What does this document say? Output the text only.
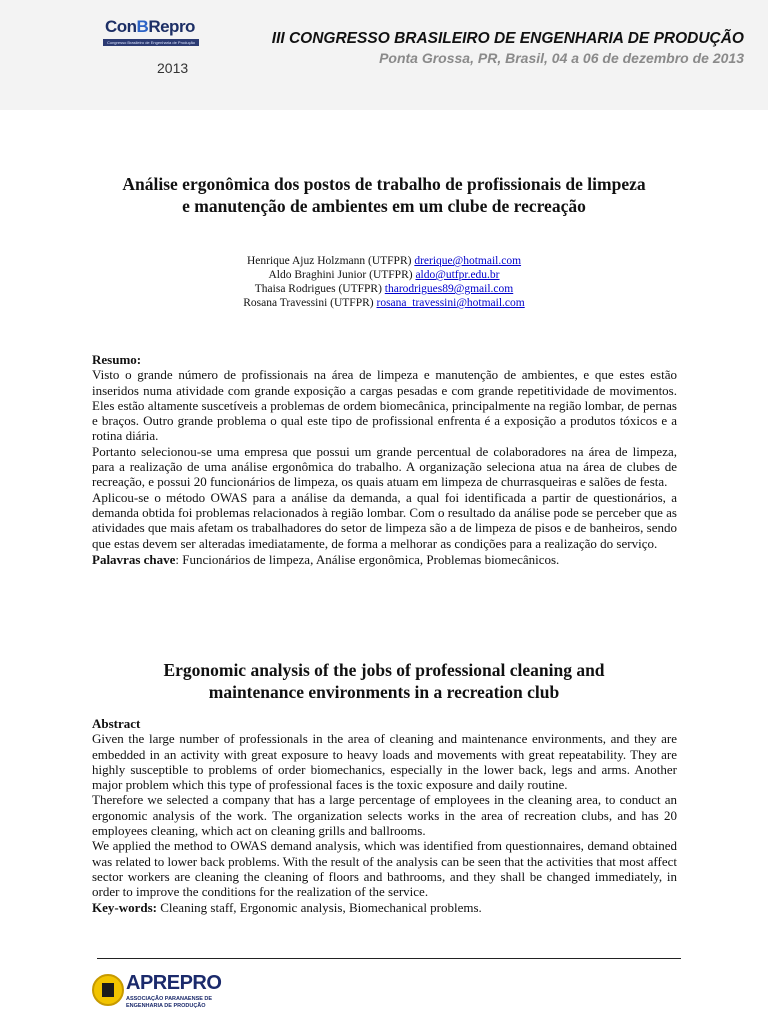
ConBRepro
Congresso Brasileiro de Engenharia de Produção
2013
III CONGRESSO BRASILEIRO DE ENGENHARIA DE PRODUÇÃO
Ponta Grossa, PR, Brasil, 04 a 06 de dezembro de 2013
Análise ergonômica dos postos de trabalho de profissionais de limpeza
e manutenção de ambientes em um clube de recreação
Henrique Ajuz Holzmann (UTFPR) drerique@hotmail.com
Aldo Braghini Junior (UTFPR) aldo@utfpr.edu.br
Thaisa Rodrigues (UTFPR) tharodrigues89@gmail.com
Rosana Travessini (UTFPR) rosana_travessini@hotmail.com

Resumo:

Visto o grande número de profissionais na área de limpeza e manutenção de ambientes, e que estes estão inseridos numa atividade com grande exposição a cargas pesadas e com grande repetitividade de movimentos. Eles estão altamente suscetíveis a problemas de ordem biomecânica, principalmente na região lombar, de pernas e braços. Outro grande problema o qual este tipo de profissional enfrenta é a exposição a produtos tóxicos e a rotina diária.

Portanto selecionou-se uma empresa que possui um grande percentual de colaboradores na área de limpeza, para a realização de uma análise ergonômica do trabalho. A organização seleciona atua na área de clubes de recreação, e possui 20 funcionários de limpeza, os quais atuam em limpeza de churrasqueiras e salões de festa.

Aplicou-se o método OWAS para a análise da demanda, a qual foi identificada a partir de questionários, a demanda obtida foi problemas relacionados à região lombar. Com o resultado da análise pode se perceber que as atividades que mais afetam os trabalhadores do setor de limpeza são a de limpeza de pisos e de banheiros, sendo que estas devem ser alteradas imediatamente, de forma a melhorar as condições para a realização do serviço.

Palavras chave: Funcionários de limpeza, Análise ergonômica, Problemas biomecânicos.

Ergonomic analysis of the jobs of professional cleaning and
maintenance environments in a recreation club

Abstract

Given the large number of professionals in the area of cleaning and maintenance environments, and they are embedded in an activity with great exposure to heavy loads and movements with great repeatability. They are highly susceptible to problems of order biomechanics, especially in the lower back, legs and arms. Another major problem which this type of professional faces is the toxic exposure and daily routine.

Therefore we selected a company that has a large percentage of employees in the cleaning area, to conduct an ergonomic analysis of the work. The organization selects works in the area of recreation clubs, and has 20 employees cleaning, which act on cleaning grills and ballrooms.

We applied the method to OWAS demand analysis, which was identified from questionnaires, demand obtained was related to lower back problems. With the result of the analysis can be seen that the activities that most affect sector workers are cleaning the cleaning of floors and bathrooms, and they shall be changed immediately, in order to improve the conditions for the realization of the service.

Key-words: Cleaning staff, Ergonomic analysis, Biomechanical problems.

APREPRO
ASSOCIAÇÃO PARANAENSE DE
ENGENHARIA DE PRODUÇÃO
